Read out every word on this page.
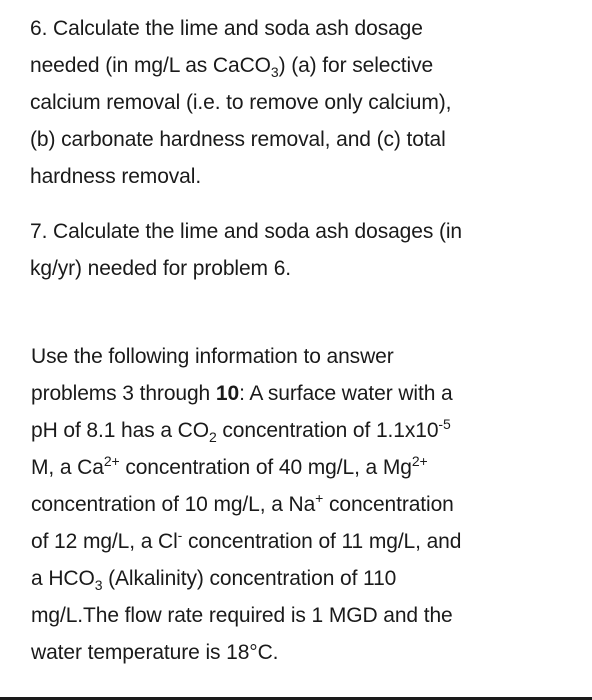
6. Calculate the lime and soda ash dosage
needed (in mg/L as CaCO$_3$) (a) for selective
calcium removal (i.e. to remove only calcium),
(b) carbonate hardness removal, and (c) total
hardness removal.
7. Calculate the lime and soda ash dosages (in
kg/yr) needed for problem 6.
Use the following information to answer
problems 3 through 10: A surface water with a
pH of 8.1 has a $CO_2$ concentration of $1.1x10^{-5}$
M, a $Ca^{2+}$ concentration of 40 mg/L, a $Mg^{2+}$
concentration of 10 mg/L, a Na+ concentration
of 12 mg/L, a Cl- concentration of 11 mg/L, and
a $HCO_3$ (Alkalinity) concentration of 110
mg/L.The flow rate required is 1 MGD and the
water temperature is 18°C.
